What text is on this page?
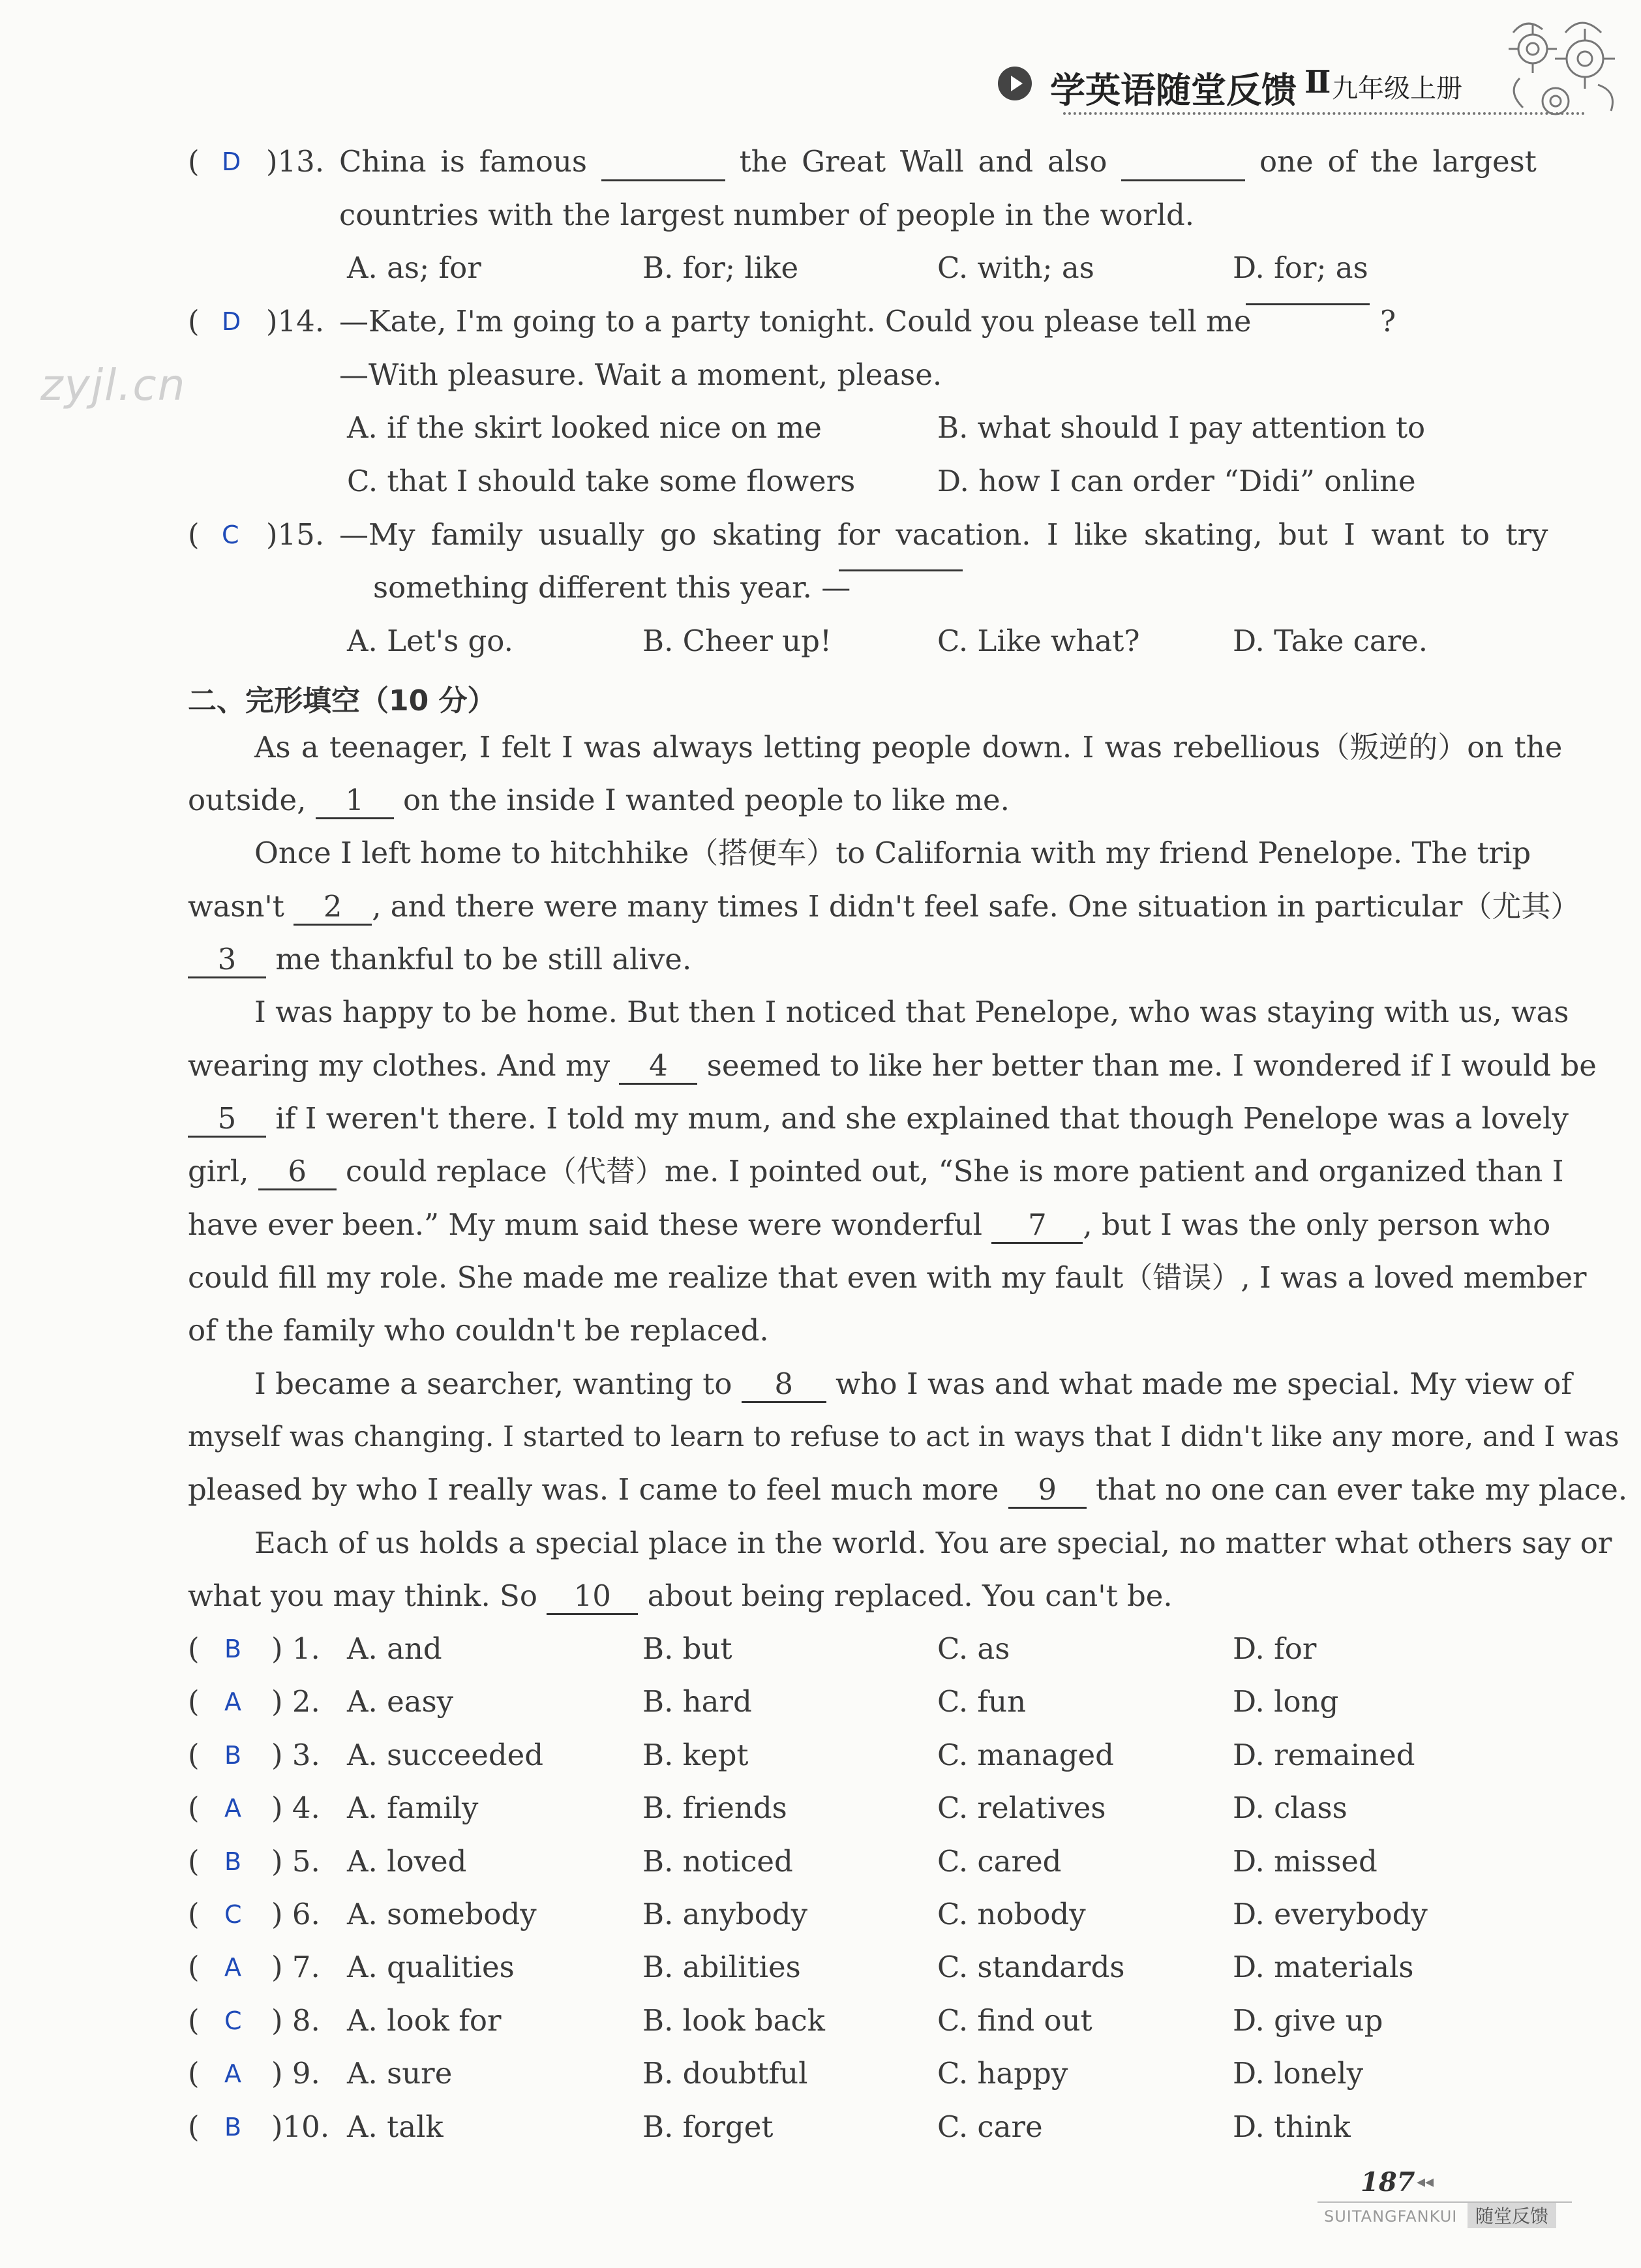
学英语随堂反馈 Ⅱ 九年级上册
zyjl.cn
( D )13. China is famous	the Great Wall and also	one of the largest
countries with the largest number of people in the world.
A. as; for	B. for; like	C. with; as	D. for; as
( D )14. —Kate, I'm going to a party tonight. Could you please tell me	?
—With pleasure. Wait a moment, please.
A. if the skirt looked nice on me	B. what should I pay attention to
C. that I should take some flowers	D. how I can order “Didi” online
( C )15. —My family usually go skating for vacation. I like skating, but I want to try
something different this year. —
A. Let's go.	B. Cheer up!	C. Like what?	D. Take care.
二、完形填空（10 分）
As a teenager, I felt I was always letting people down. I was rebellious（叛逆的）on the
outside, 1 on the inside I wanted people to like me.
Once I left home to hitchhike（搭便车）to California with my friend Penelope. The trip
wasn't 2 , and there were many times I didn't feel safe. One situation in particular（尤其）
3 me thankful to be still alive.
I was happy to be home. But then I noticed that Penelope, who was staying with us, was
wearing my clothes. And my 4 seemed to like her better than me. I wondered if I would be
5 if I weren't there. I told my mum, and she explained that though Penelope was a lovely
girl, 6 could replace（代替）me. I pointed out, “She is more patient and organized than I
have ever been.” My mum said these were wonderful 7 , but I was the only person who
could fill my role. She made me realize that even with my fault（错误）, I was a loved member
of the family who couldn't be replaced.
I became a searcher, wanting to 8 who I was and what made me special. My view of
myself was changing. I started to learn to refuse to act in ways that I didn't like any more, and I was
pleased by who I really was. I came to feel much more 9 that no one can ever take my place.
Each of us holds a special place in the world. You are special, no matter what others say or
what you may think. So 10 about being replaced. You can't be.
( B ) 1. A. and	B. but	C. as	D. for
( A ) 2. A. easy	B. hard	C. fun	D. long
( B ) 3. A. succeeded	B. kept	C. managed	D. remained
( A ) 4. A. family	B. friends	C. relatives	D. class
( B ) 5. A. loved	B. noticed	C. cared	D. missed
( C ) 6. A. somebody	B. anybody	C. nobody	D. everybody
( A ) 7. A. qualities	B. abilities	C. standards	D. materials
( C ) 8. A. look for	B. look back	C. find out	D. give up
( A ) 9. A. sure	B. doubtful	C. happy	D. lonely
( B )10. A. talk	B. forget	C. care	D. think
187 ◂◂
SUITANGFANKUI 随堂反馈
